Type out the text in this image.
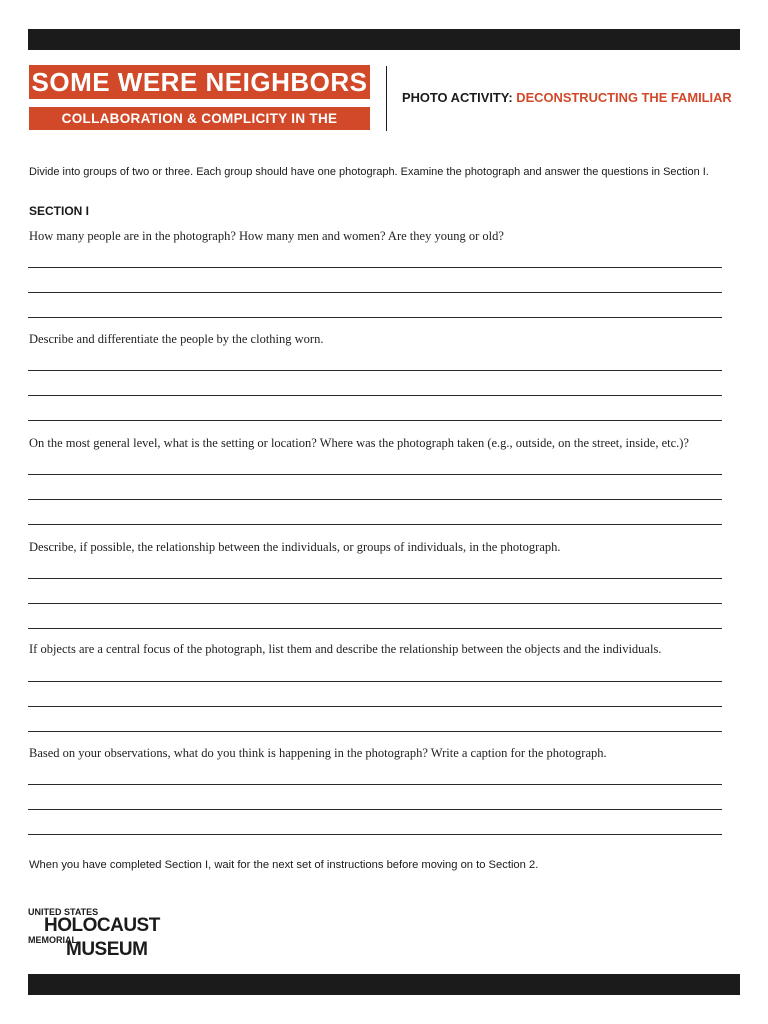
SOME WERE NEIGHBORS
COLLABORATION & COMPLICITY IN THE HOLOCAUST
PHOTO ACTIVITY: DECONSTRUCTING THE FAMILIAR
Divide into groups of two or three. Each group should have one photograph. Examine the photograph and answer the questions in Section I.
SECTION I
How many people are in the photograph? How many men and women? Are they young or old?
Describe and differentiate the people by the clothing worn.
On the most general level, what is the setting or location? Where was the photograph taken (e.g., outside, on the street, inside, etc.)?
Describe, if possible, the relationship between the individuals, or groups of individuals, in the photograph.
If objects are a central focus of the photograph, list them and describe the relationship between the objects and the individuals.
Based on your observations, what do you think is happening in the photograph? Write a caption for the photograph.
When you have completed Section I, wait for the next set of instructions before moving on to Section 2.
UNITED STATES
HOLOCAUST
MEMORIAL
MUSEUM
